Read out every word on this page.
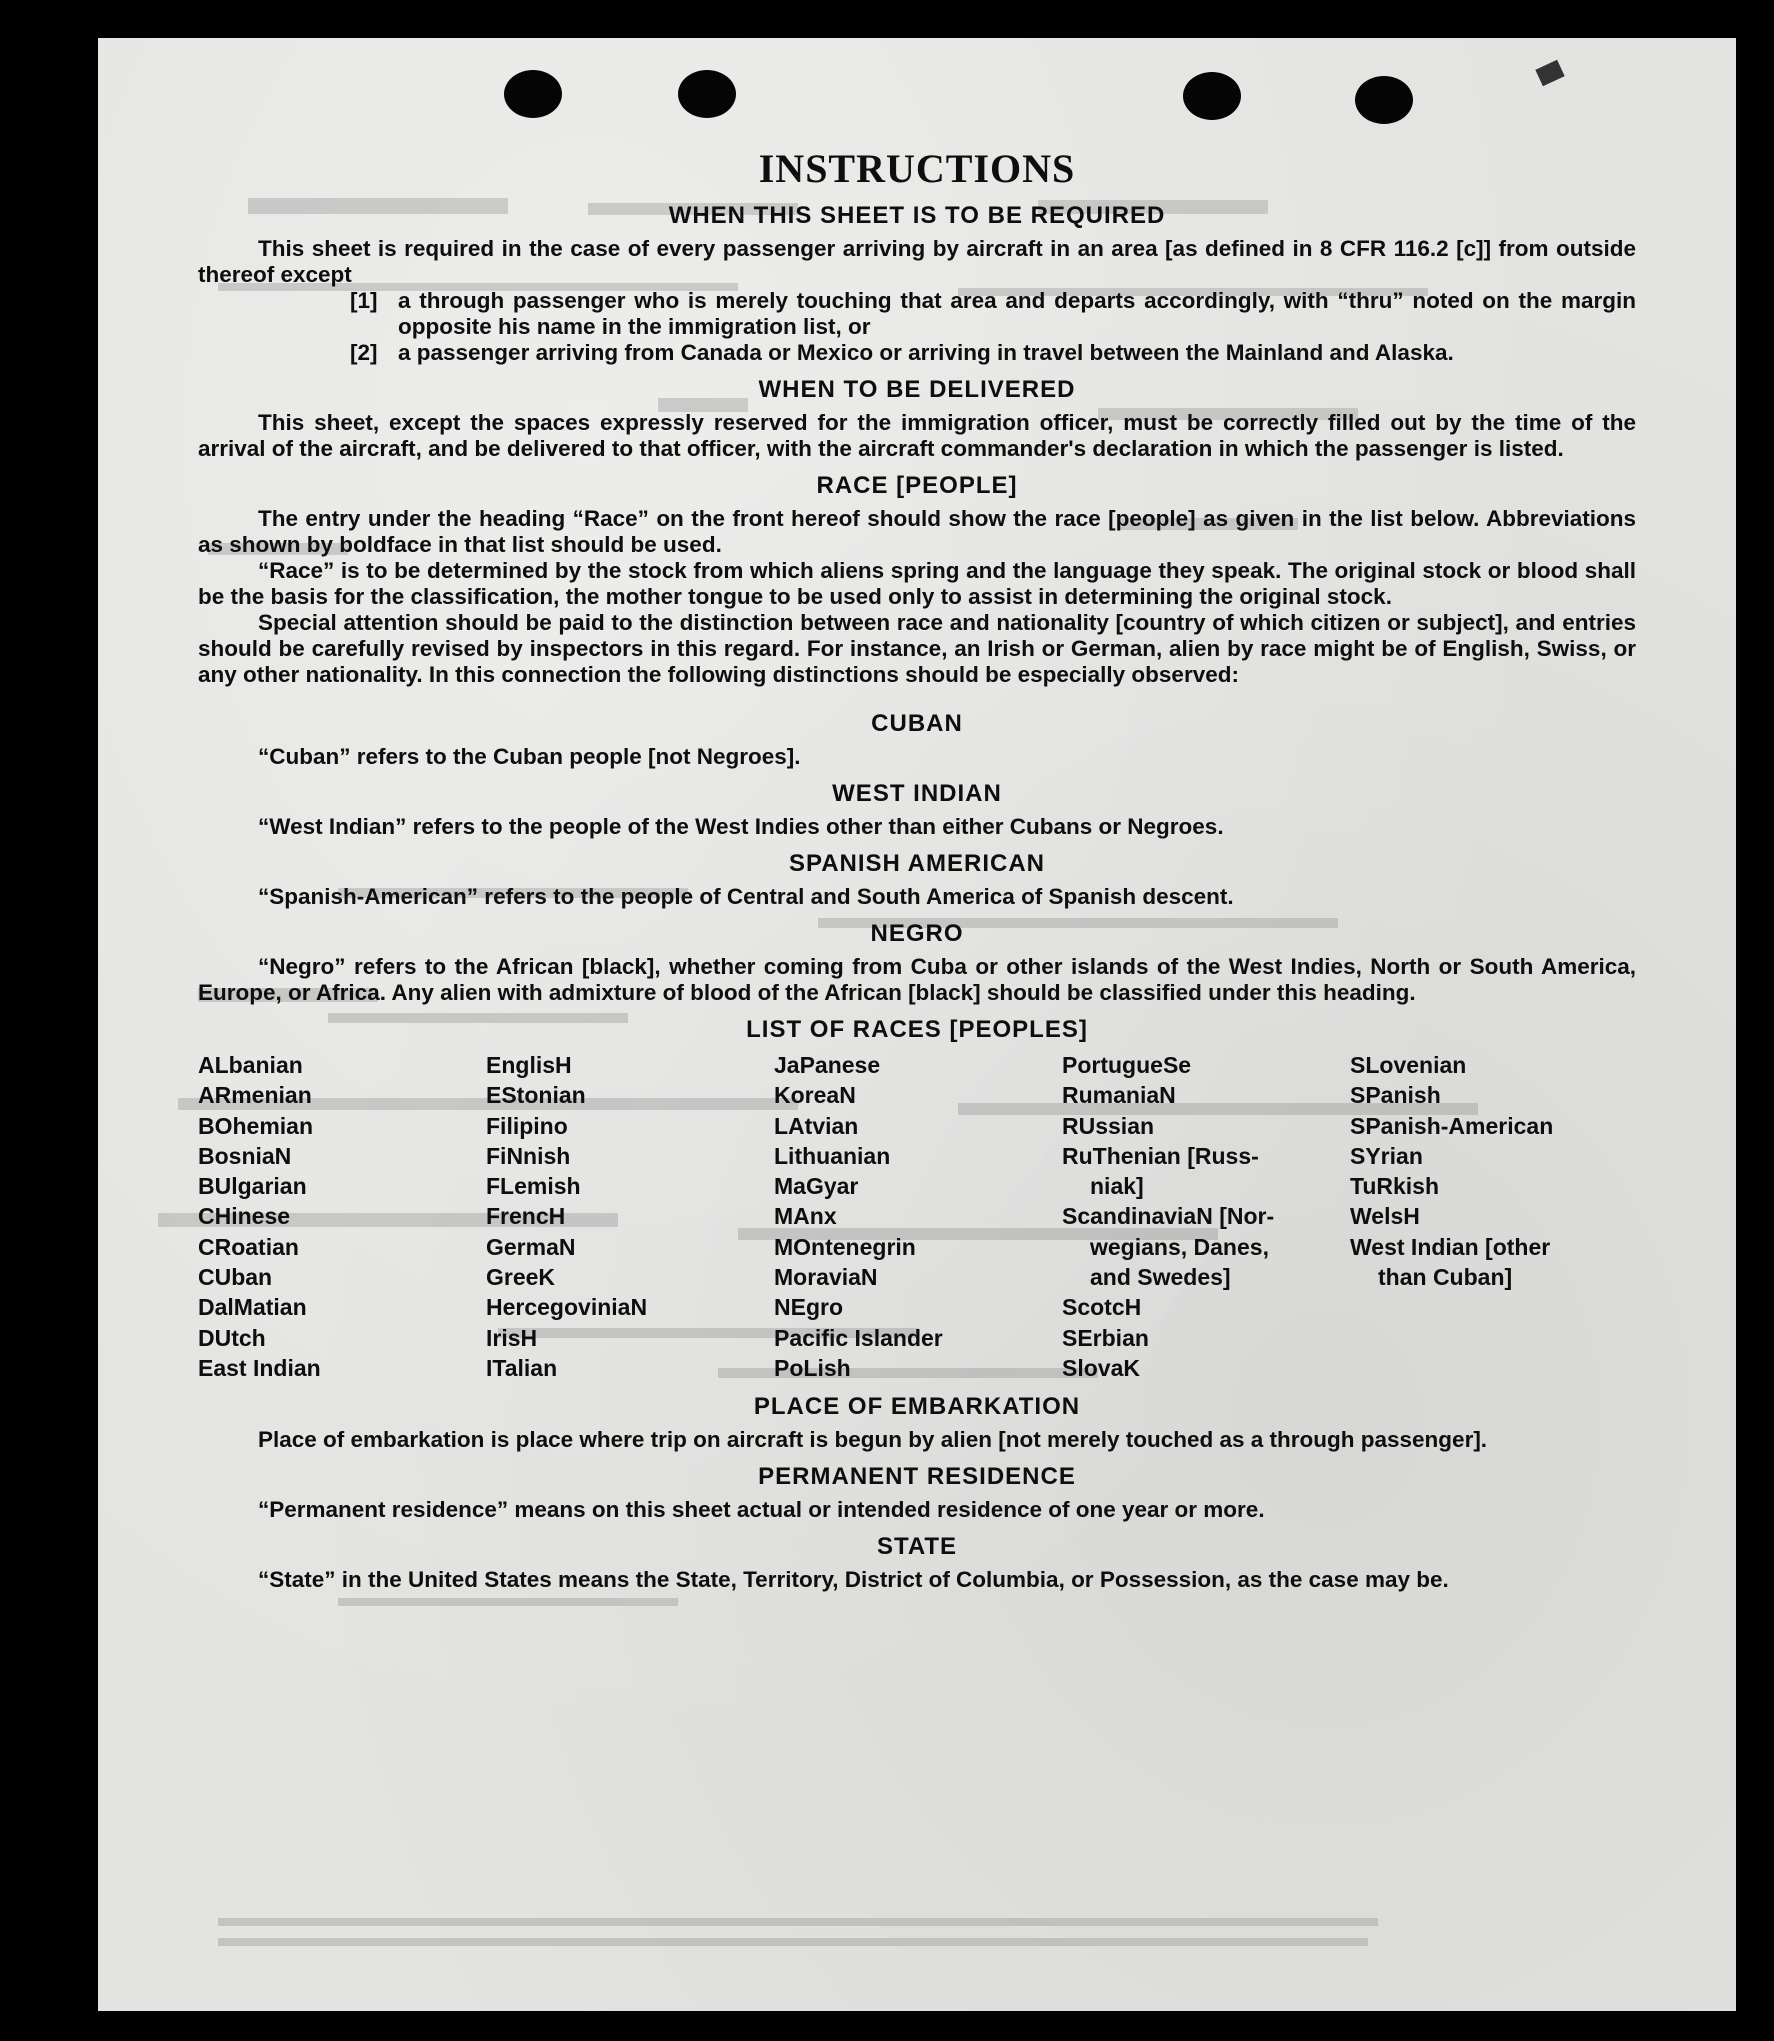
INSTRUCTIONS
WHEN THIS SHEET IS TO BE REQUIRED

This sheet is required in the case of every passenger arriving by aircraft in an area [as defined in 8 CFR 116.2 [c]] from outside thereof except

[1] a through passenger who is merely touching that area and departs accordingly, with “thru” noted on the margin opposite his name in the immigration list, or

[2] a passenger arriving from Canada or Mexico or arriving in travel between the Mainland and Alaska.

WHEN TO BE DELIVERED

This sheet, except the spaces expressly reserved for the immigration officer, must be correctly filled out by the time of the arrival of the aircraft, and be delivered to that officer, with the aircraft commander's declaration in which the passenger is listed.

RACE [PEOPLE]

The entry under the heading “Race” on the front hereof should show the race [people] as given in the list below. Abbreviations as shown by boldface in that list should be used.

“Race” is to be determined by the stock from which aliens spring and the language they speak. The original stock or blood shall be the basis for the classification, the mother tongue to be used only to assist in determining the original stock.

Special attention should be paid to the distinction between race and nationality [country of which citizen or subject], and entries should be carefully revised by inspectors in this regard. For instance, an Irish or German, alien by race might be of English, Swiss, or any other nationality. In this connection the following distinctions should be especially observed:

CUBAN

“Cuban” refers to the Cuban people [not Negroes].

WEST INDIAN

“West Indian” refers to the people of the West Indies other than either Cubans or Negroes.

SPANISH AMERICAN

“Spanish-American” refers to the people of Central and South America of Spanish descent.

NEGRO

“Negro” refers to the African [black], whether coming from Cuba or other islands of the West Indies, North or South America, Europe, or Africa. Any alien with admixture of blood of the African [black] should be classified under this heading.

LIST OF RACES [PEOPLES]
ALbanian
ARmenian
BOhemian
BosniaN
BUlgarian
CHinese
CRoatian
CUban
DalMatian
DUtch
East Indian
EnglisH
EStonian
Filipino
FiNnish
FLemish
FrencH
GermaN
GreeK
HercegoviniaN
IrisH
ITalian
JaPanese
KoreaN
LAtvian
Lithuanian
MaGyar
MAnx
MOntenegrin
MoraviaN
NEgro
Pacific Islander
PoLish
PortugueSe
RumaniaN
RUssian
RuThenian [Russ-
niak]
ScandinaviaN [Nor-
wegians, Danes,
and Swedes]
ScotcH
SErbian
SlovaK
SLovenian
SPanish
SPanish-American
SYrian
TuRkish
WelsH
West Indian [other
than Cuban]
PLACE OF EMBARKATION

Place of embarkation is place where trip on aircraft is begun by alien [not merely touched as a through passenger].

PERMANENT RESIDENCE

“Permanent residence” means on this sheet actual or intended residence of one year or more.

STATE

“State” in the United States means the State, Territory, District of Columbia, or Possession, as the case may be.
